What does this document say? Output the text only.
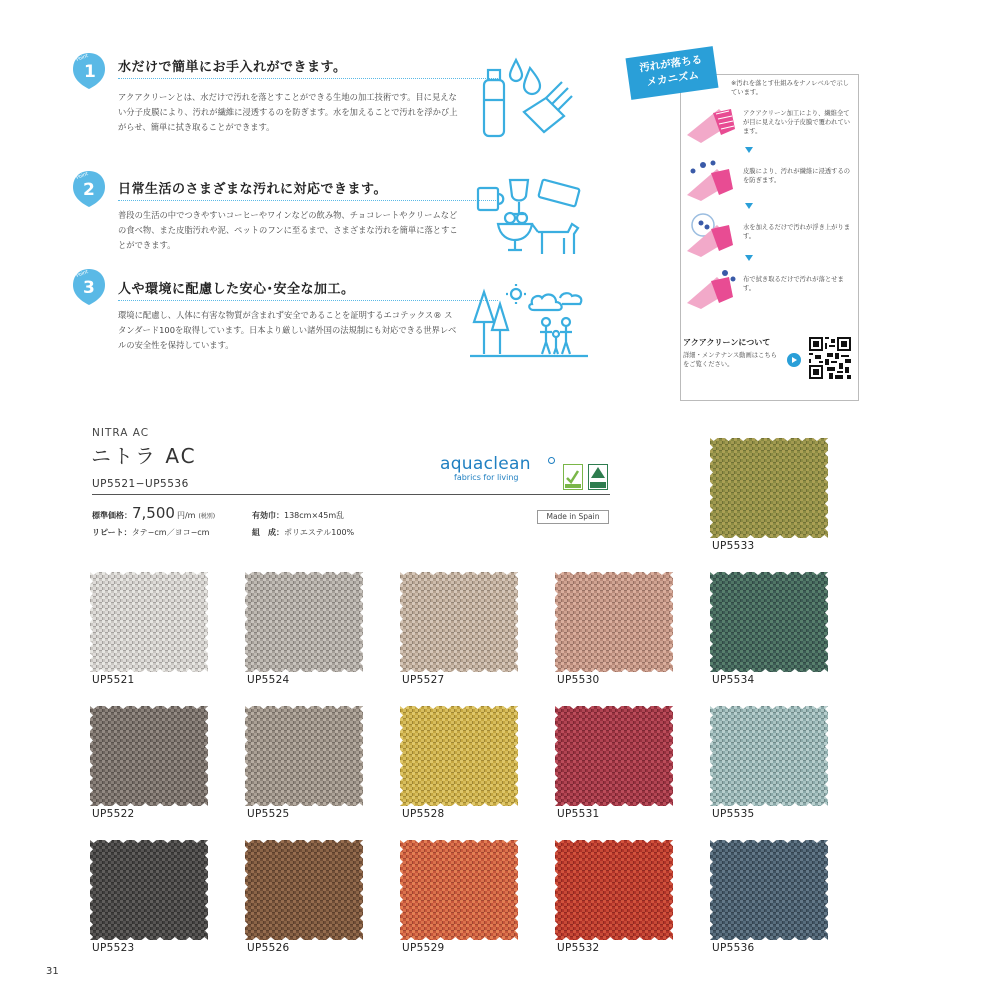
Point
1 水だけで簡単にお手入れができます。
アクアクリーンとは、水だけで汚れを落とすことができる生地の加工技術です。目に見えない分子皮膜により、汚れが繊維に浸透するのを防ぎます。水を加えることで汚れを浮かび上がらせ、簡単に拭き取ることができます。
Point
2 日常生活のさまざまな汚れに対応できます。
普段の生活の中でつきやすいコーヒーやワインなどの飲み物、チョコレートやクリームなどの食べ物、また皮脂汚れや泥、ペットのフンに至るまで、さまざまな汚れを簡単に落とすことができます。
Point
3 人や環境に配慮した安心･安全な加工。
環境に配慮し、人体に有害な物質が含まれず安全であることを証明するエコテックス® スタンダード100を取得しています。日本より厳しい諸外国の法規制にも対応できる世界レベルの安全性を保持しています。
※汚れを落とす仕組みをナノレベルで示しています。
アクアクリーン加工により、繊維全てが目に見えない分子皮膜で覆われています。
皮膜により、汚れが繊維に浸透するのを防ぎます。
水を加えるだけで汚れが浮き上がります。
布で拭き取るだけで汚れが落とせます。
アクアクリーンについて
詳細・メンテナンス動画はこちらをご覧ください。
汚れが落ちる
メカニズム
NITRA AC
ニトラ AC
UP5521−UP5536
aquaclean
fabrics for living
Made in Spain
標準価格：7,500 円/m (税別)
リピート：タテ−cm／ヨコ−cm
有効巾：138cm×45m乱
組　成：ポリエステル100%
UP5533
UP5521	UP5524	UP5527	UP5530	UP5534
UP5522	UP5525	UP5528	UP5531	UP5535
UP5523	UP5526	UP5529	UP5532	UP5536
31
